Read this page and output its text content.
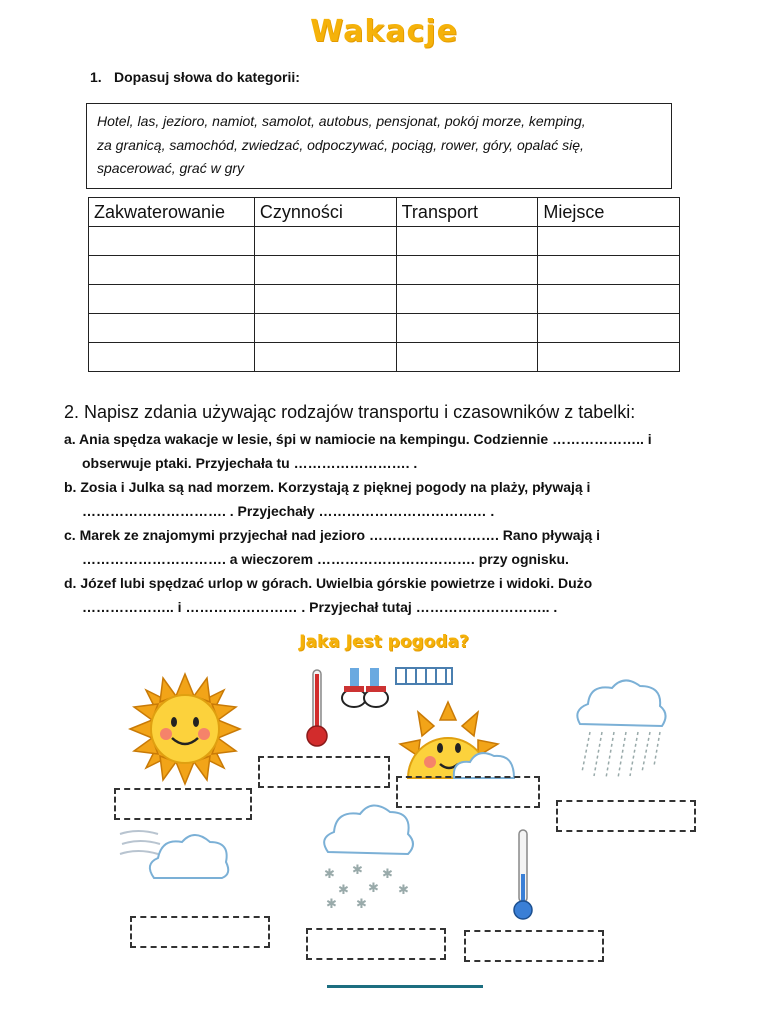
Wakacje
1. Dopasuj słowa do kategorii:
Hotel, las, jezioro, namiot, samolot, autobus, pensjonat, pokój morze, kemping,
za granicą, samochód, zwiedzać, odpoczywać, pociąg, rower, góry, opalać się,
spacerować, grać w gry
Zakwaterowanie	Czynności	Transport	Miejsce

2. Napisz zdania używając rodzajów transportu i czasowników z tabelki:
a. Ania spędza wakacje w lesie, śpi w namiocie na kempingu. Codziennie ……………….. i
obserwuje ptaki. Przyjechała tu ……………………. .
b. Zosia i Julka są nad morzem. Korzystają z pięknej pogody na plaży, pływają i
…………………………. . Przyjechały ……………………………… .
c. Marek ze znajomymi przyjechał nad jezioro ………………………. Rano pływają i
…………………………. a wieczorem ……………………………. przy ognisku.
d. Józef lubi spędzać urlop w górach. Uwielbia górskie powietrze i widoki. Dużo
……………….. i …………………… . Przyjechał tutaj ……………………….. .
Jaka Jest pogoda?
✱ ✱ ✱
✱ ✱ ✱
✱ ✱
